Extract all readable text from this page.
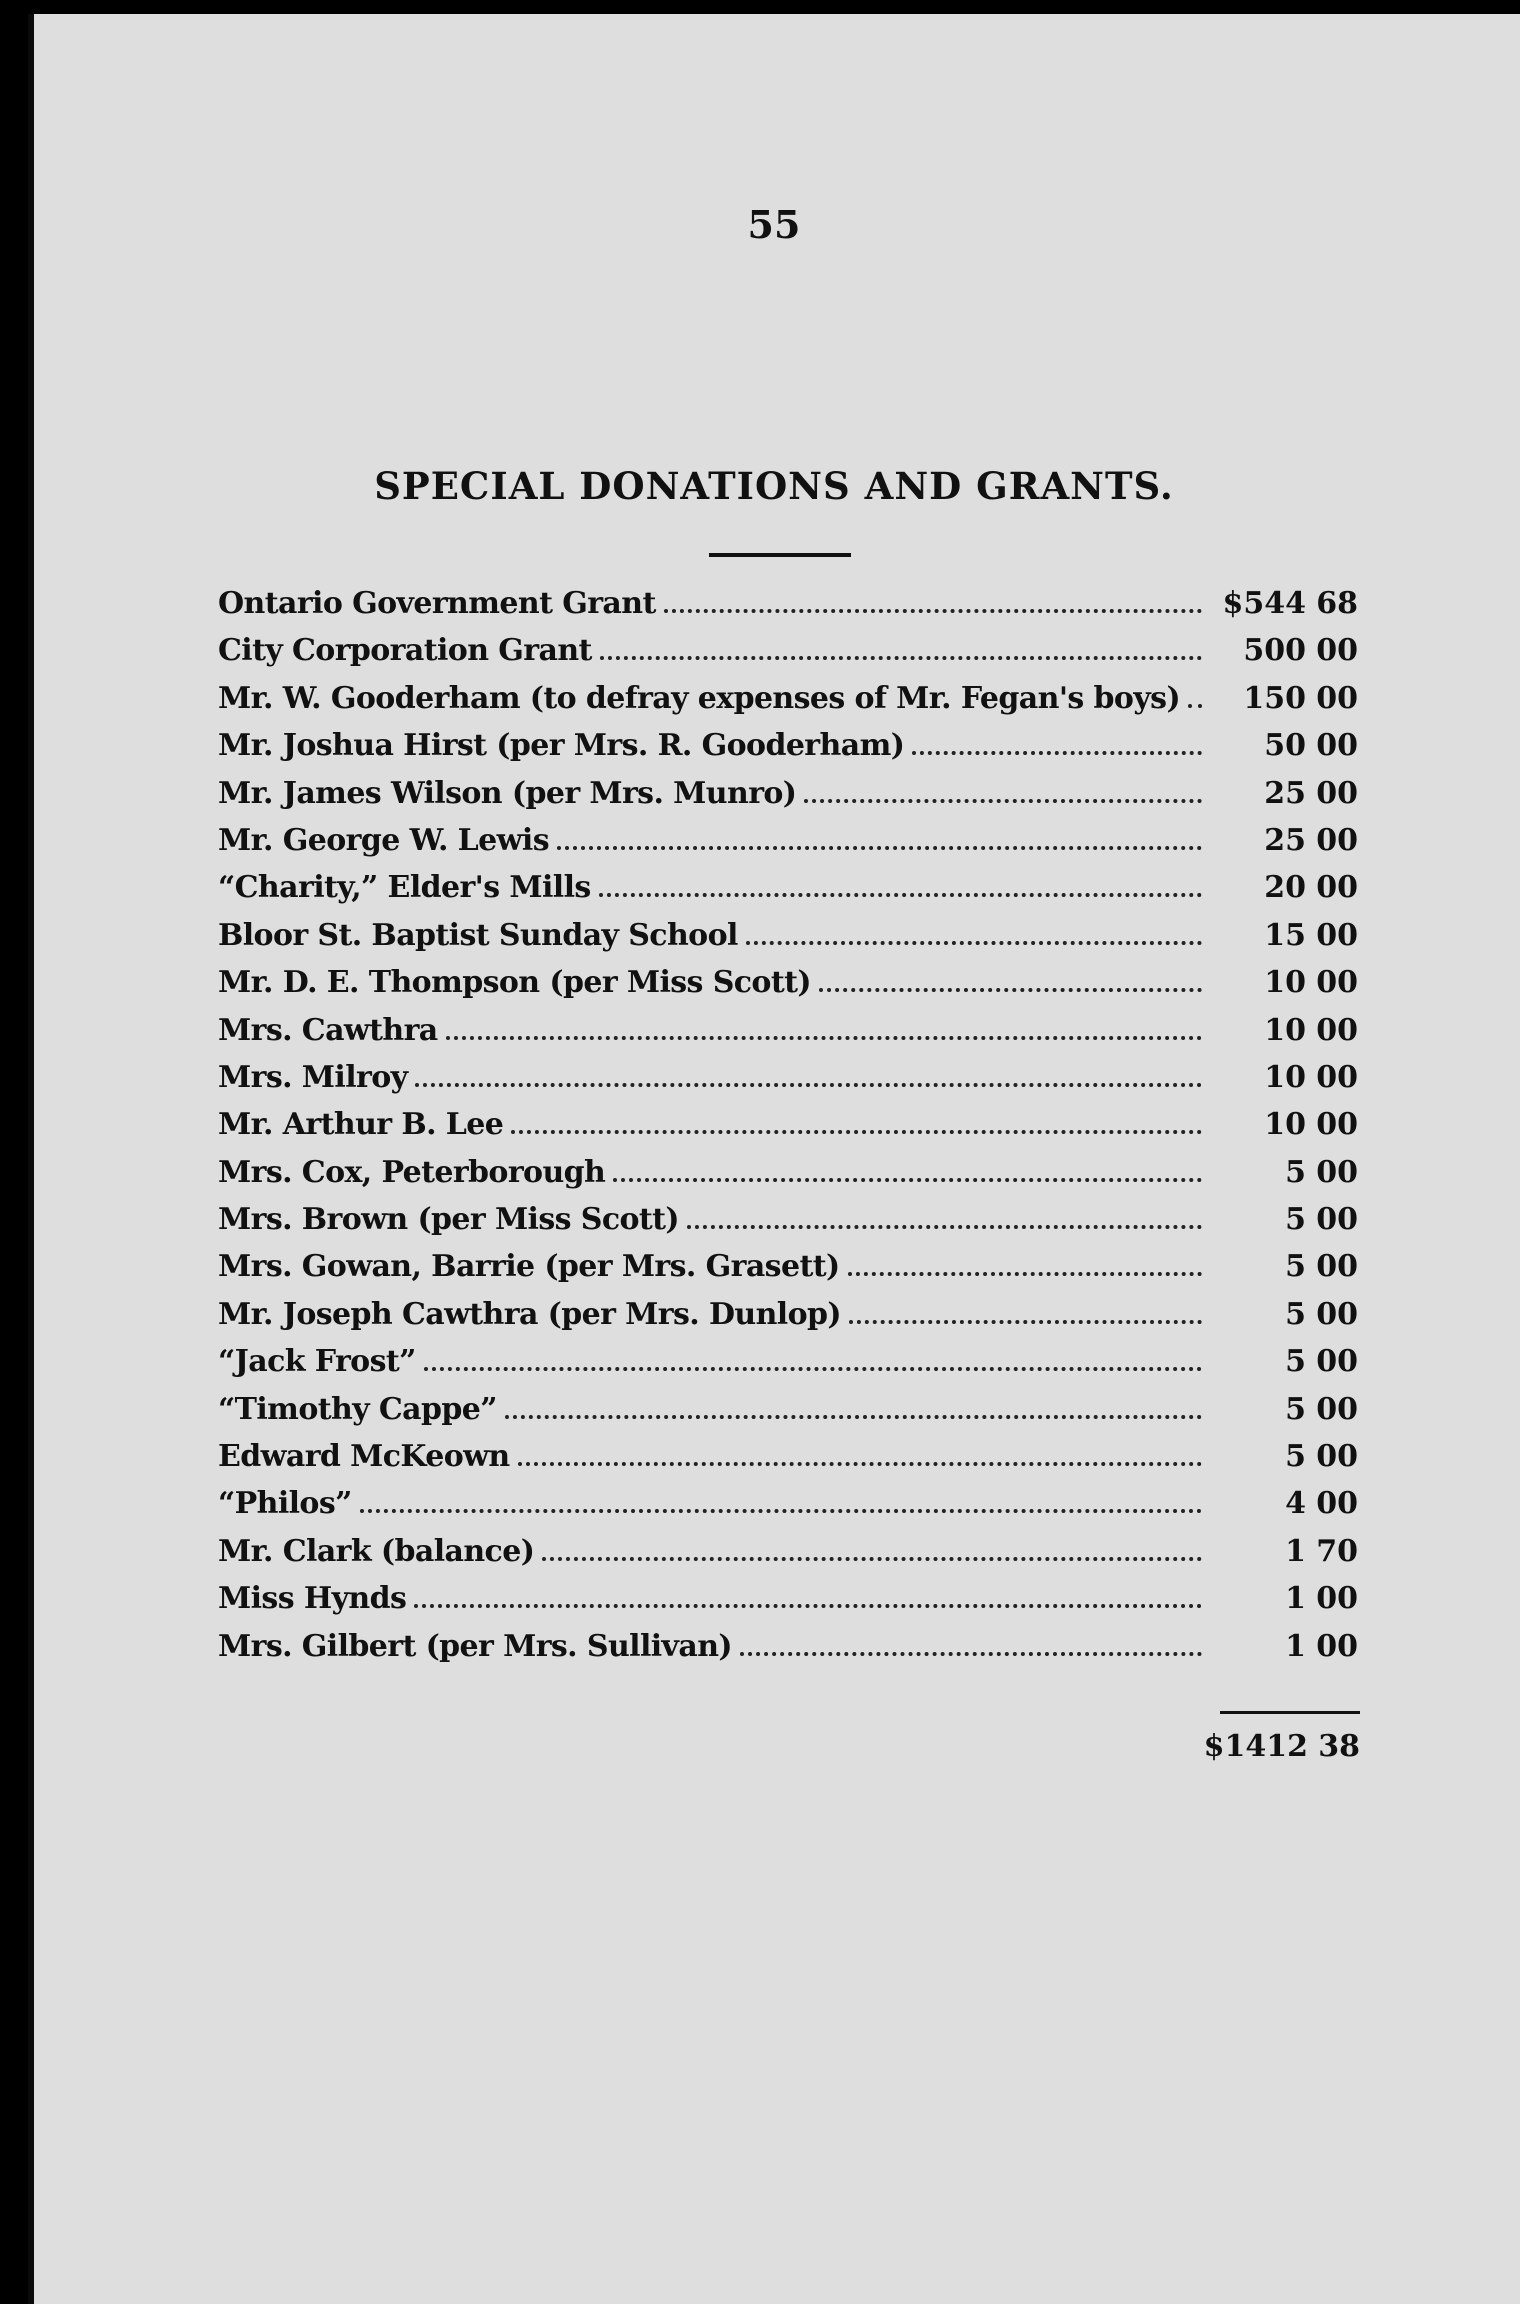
55
SPECIAL DONATIONS AND GRANTS.
Ontario Government Grant	$544 68
City Corporation Grant	500 00
Mr. W. Gooderham (to defray expenses of Mr. Fegan's boys)	150 00
Mr. Joshua Hirst (per Mrs. R. Gooderham)	50 00
Mr. James Wilson (per Mrs. Munro)	25 00
Mr. George W. Lewis	25 00
“Charity,” Elder's Mills	20 00
Bloor St. Baptist Sunday School	15 00
Mr. D. E. Thompson (per Miss Scott)	10 00
Mrs. Cawthra	10 00
Mrs. Milroy	10 00
Mr. Arthur B. Lee	10 00
Mrs. Cox, Peterborough	5 00
Mrs. Brown (per Miss Scott)	5 00
Mrs. Gowan, Barrie (per Mrs. Grasett)	5 00
Mr. Joseph Cawthra (per Mrs. Dunlop)	5 00
“Jack Frost”	5 00
“Timothy Cappe”	5 00
Edward McKeown	5 00
“Philos”	4 00
Mr. Clark (balance)	1 70
Miss Hynds	1 00
Mrs. Gilbert (per Mrs. Sullivan)	1 00
$1412 38
